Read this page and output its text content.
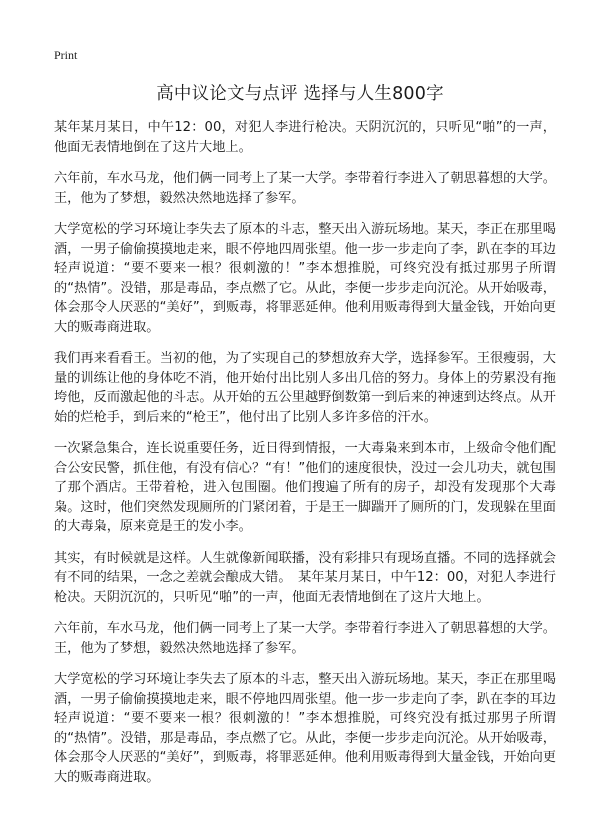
Print
高中议论文与点评 选择与人生800字

某年某月某日，中午12：00，对犯人李进行枪决。天阴沉沉的，只听见“啪”的一声，他面无表情地倒在了这片大地上。

六年前，车水马龙，他们俩一同考上了某一大学。李带着行李进入了朝思暮想的大学。王，他为了梦想，毅然决然地选择了参军。

大学宽松的学习环境让李失去了原本的斗志，整天出入游玩场地。某天，李正在那里喝酒，一男子偷偷摸摸地走来，眼不停地四周张望。他一步一步走向了李，趴在李的耳边轻声说道：“要不要来一根？很刺激的！”李本想推脱，可终究没有抵过那男子所谓的“热情”。没错，那是毒品，李点燃了它。从此，李便一步步走向沉沦。从开始吸毒，体会那令人厌恶的“美好”，到贩毒，将罪恶延伸。他利用贩毒得到大量金钱，开始向更大的贩毒商进取。

我们再来看看王。当初的他，为了实现自己的梦想放弃大学，选择参军。王很瘦弱，大量的训练让他的身体吃不消，他开始付出比别人多出几倍的努力。身体上的劳累没有拖垮他，反而激起他的斗志。从开始的五公里越野倒数第一到后来的神速到达终点。从开始的烂枪手，到后来的“枪王”，他付出了比别人多许多倍的汗水。

一次紧急集合，连长说重要任务，近日得到情报，一大毒枭来到本市，上级命令他们配合公安民警，抓住他，有没有信心？“有！”他们的速度很快，没过一会儿功夫，就包围了那个酒店。王带着枪，进入包围圈。他们搜遍了所有的房子，却没有发现那个大毒枭。这时，他们突然发现厕所的门紧闭着，于是王一脚踹开了厕所的门，发现躲在里面的大毒枭，原来竟是王的发小李。

其实，有时候就是这样。人生就像新闻联播，没有彩排只有现场直播。不同的选择就会有不同的结果，一念之差就会酿成大错。　某年某月某日，中午12：00，对犯人李进行枪决。天阴沉沉的，只听见“啪”的一声，他面无表情地倒在了这片大地上。

六年前，车水马龙，他们俩一同考上了某一大学。李带着行李进入了朝思暮想的大学。王，他为了梦想，毅然决然地选择了参军。

大学宽松的学习环境让李失去了原本的斗志，整天出入游玩场地。某天，李正在那里喝酒，一男子偷偷摸摸地走来，眼不停地四周张望。他一步一步走向了李，趴在李的耳边轻声说道：“要不要来一根？很刺激的！”李本想推脱，可终究没有抵过那男子所谓的“热情”。没错，那是毒品，李点燃了它。从此，李便一步步走向沉沦。从开始吸毒，体会那令人厌恶的“美好”，到贩毒，将罪恶延伸。他利用贩毒得到大量金钱，开始向更大的贩毒商进取。
